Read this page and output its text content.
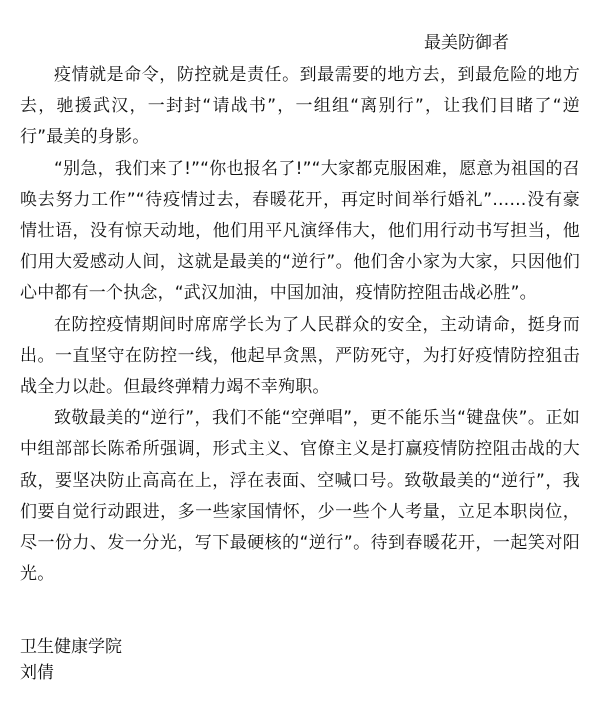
最美防御者

疫情就是命令，防控就是责任。到最需要的地方去，到最危险的地方去，驰援武汉，一封封“请战书”，一组组“离别行”，让我们目睹了“逆行”最美的身影。

“别急，我们来了!”“你也报名了!”“大家都克服困难，愿意为祖国的召唤去努力工作”“待疫情过去，春暖花开，再定时间举行婚礼”……没有豪情壮语，没有惊天动地，他们用平凡演绎伟大，他们用行动书写担当，他们用大爱感动人间，这就是最美的“逆行”。他们舍小家为大家，只因他们心中都有一个执念，“武汉加油，中国加油，疫情防控阻击战必胜”。

在防控疫情期间时席席学长为了人民群众的安全，主动请命，挺身而出。一直坚守在防控一线，他起早贪黑，严防死守，为打好疫情防控狙击战全力以赴。但最终弹精力竭不幸殉职。

致敬最美的“逆行”，我们不能“空弹唱”，更不能乐当“键盘侠”。正如中组部部长陈希所强调，形式主义、官僚主义是打赢疫情防控阻击战的大敌，要坚决防止高高在上，浮在表面、空喊口号。致敬最美的“逆行”，我们要自觉行动跟进，多一些家国情怀，少一些个人考量，立足本职岗位，尽一份力、发一分光，写下最硬核的“逆行”。待到春暖花开，一起笑对阳光。

卫生健康学院
刘倩
